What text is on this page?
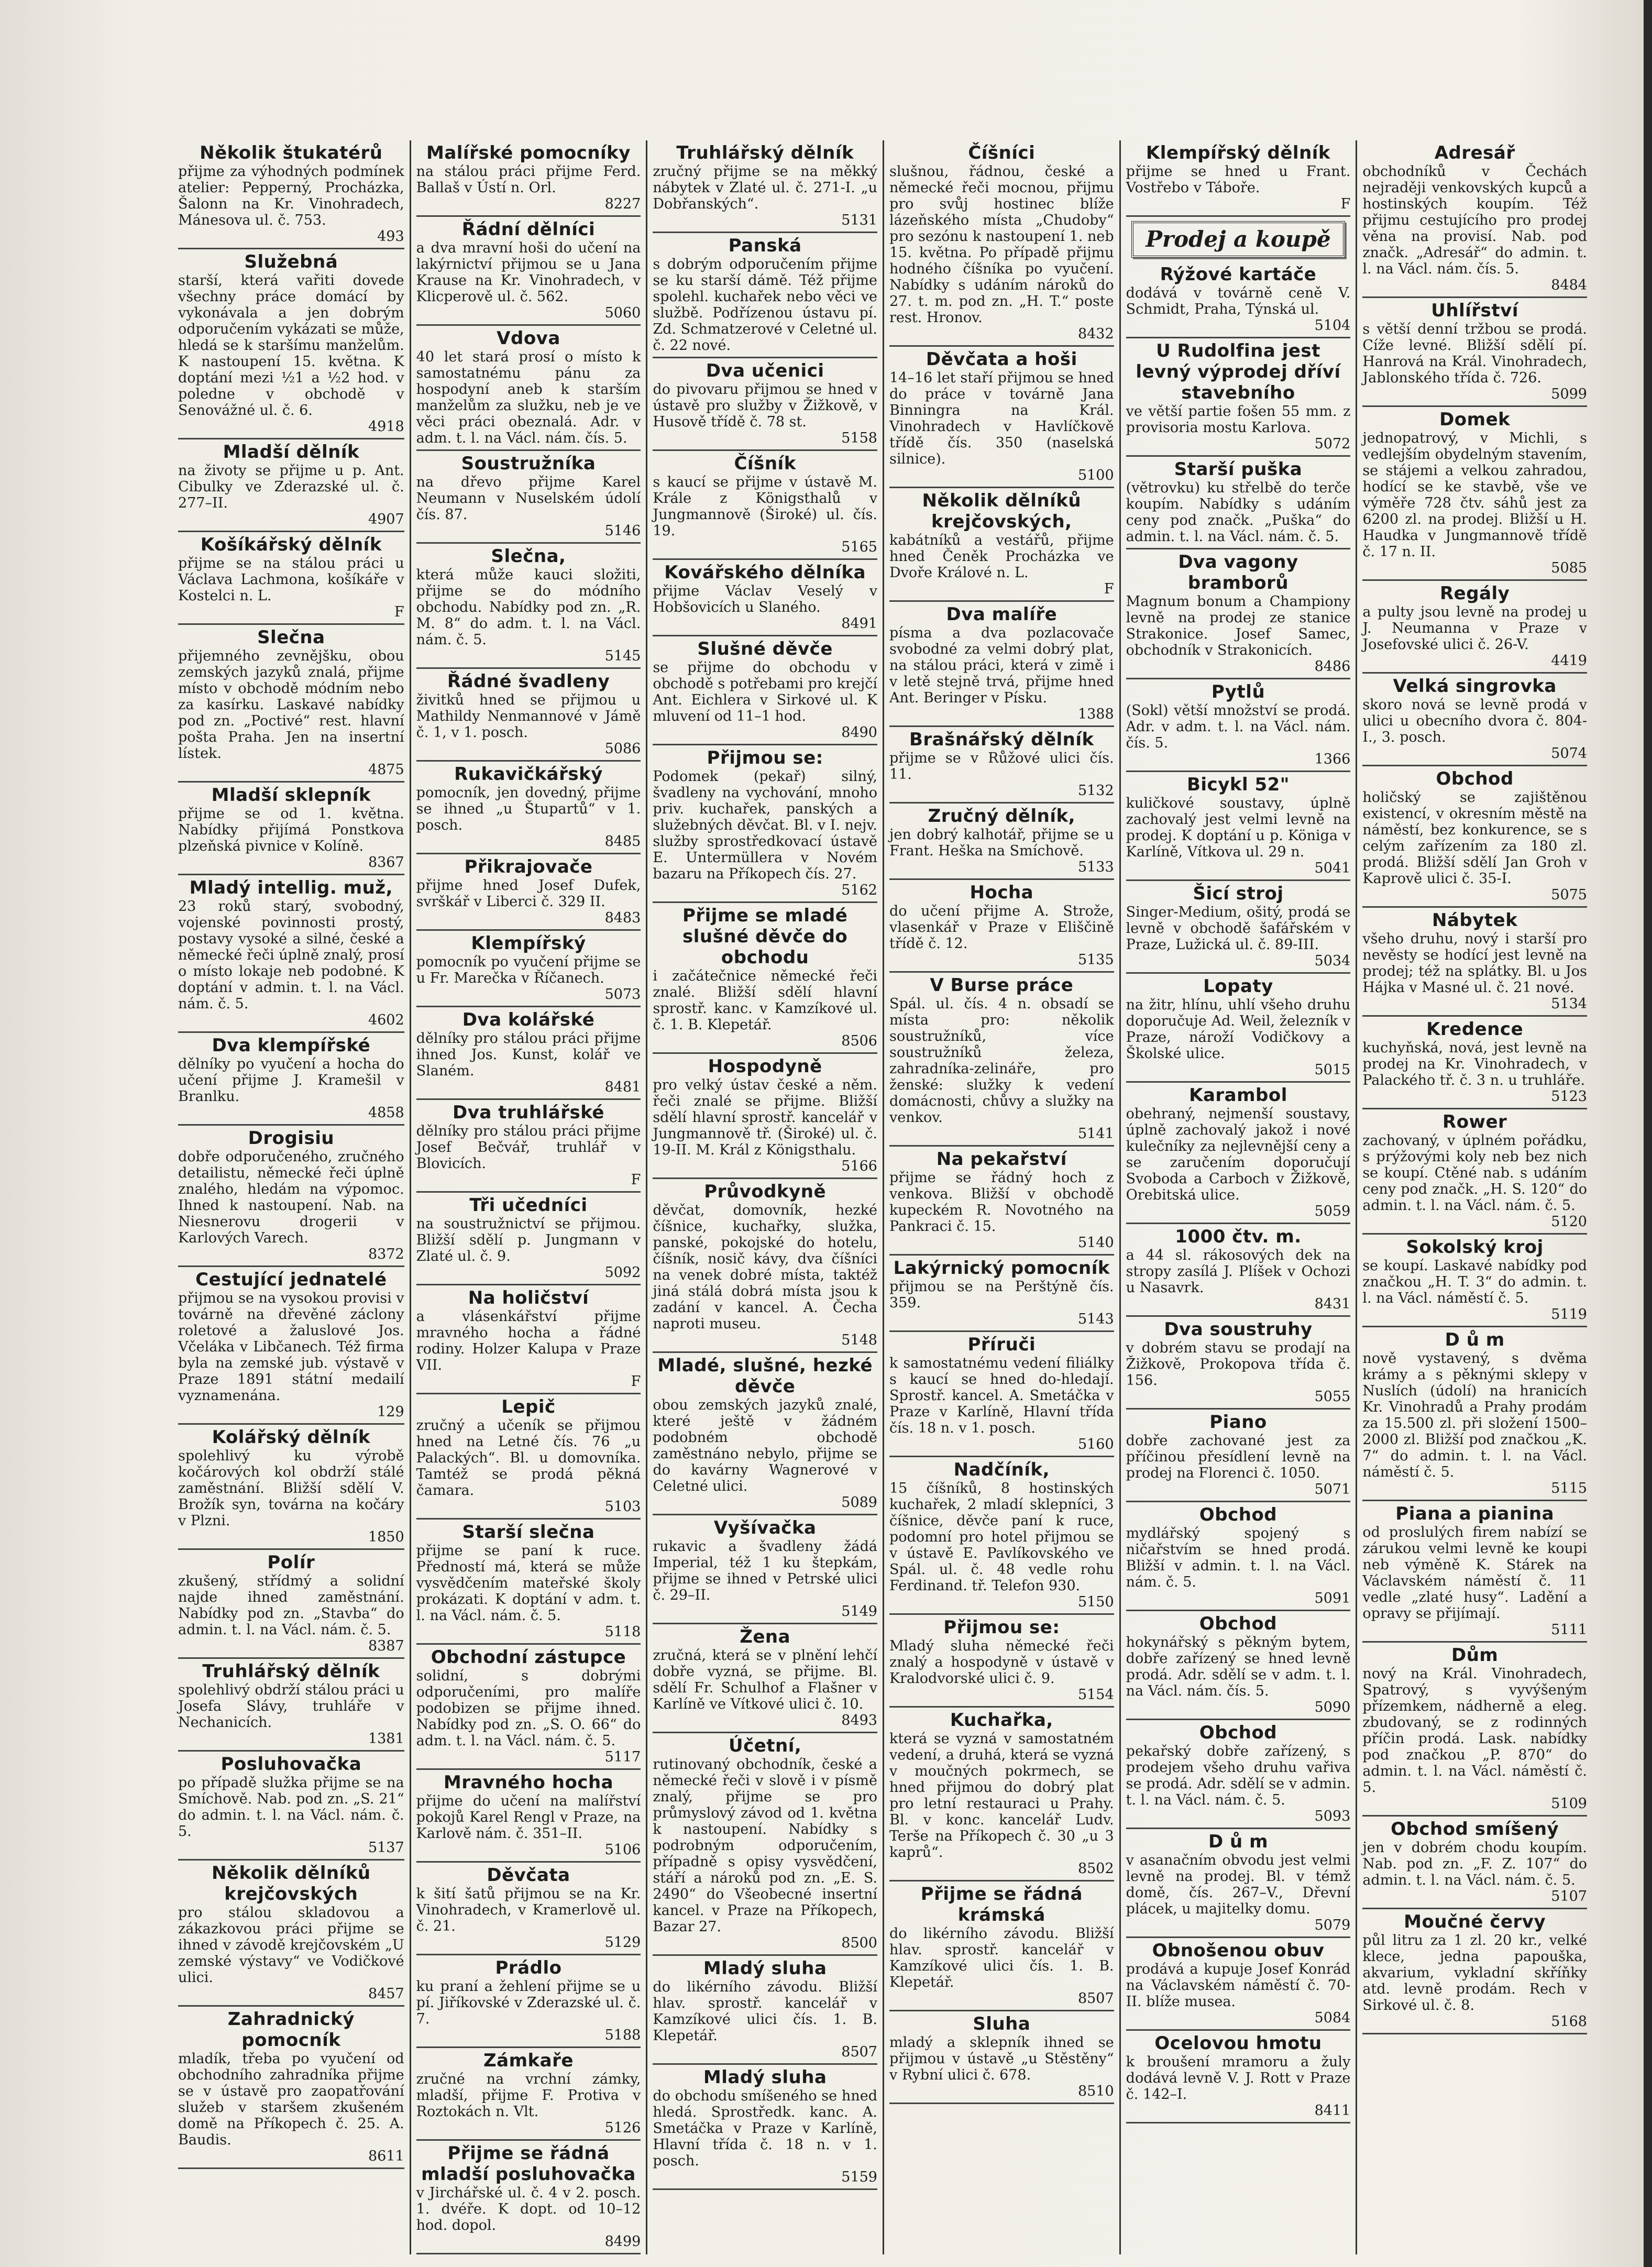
Několik štukatérů
přijme za výhodných podmínek atelier: Pepperný, Procházka, Šalonn na Kr. Vinohradech, Mánesova ul. č. 753.
493
Služebná
starší, která vařiti dovede všechny práce domácí by vykonávala a jen dobrým odporučením vykázati se může, hledá se k staršímu manželům. K nastoupení 15. května. K doptání mezi ½1 a ½2 hod. v poledne v obchodě v Senovážné ul. č. 6.
4918
Mladší dělník
na životy se přijme u p. Ant. Cibulky ve Zderazské ul. č. 277–II.
4907
Košíkářský dělník
přijme se na stálou práci u Václava Lachmona, košíkáře v Kostelci n. L.
F
Slečna
přijemného zevnějšku, obou zemských jazyků znalá, přijme místo v obchodě módním nebo za kasírku. Laskavé nabídky pod zn. „Poctivé“ rest. hlavní pošta Praha. Jen na insertní lístek.
4875
Mladší sklepník
přijme se od 1. května. Nabídky přijímá Ponstkova plzeňská pivnice v Kolíně.
8367
Mladý intellig. muž,
23 roků starý, svobodný, vojenské povinnosti prostý, postavy vysoké a silné, české a německé řeči úplně znalý, prosí o místo lokaje neb podobné. K doptání v admin. t. l. na Václ. nám. č. 5.
4602
Dva klempířské
dělníky po vyučení a hocha do učení přijme J. Kramešil v Branlku.
4858
Drogisiu
dobře odporučeného, zručného detailistu, německé řeči úplně znalého, hledám na výpomoc. Ihned k nastoupení. Nab. na Niesnerovu drogerii v Karlových Varech.
8372
Cestující jednatelé
přijmou se na vysokou provisi v továrně na dřevěné záclony roletové a žaluslové Jos. Včeláka v Libčanech. Též firma byla na zemské jub. výstavě v Praze 1891 státní medailí vyznamenána.
129
Kolářský dělník
spolehlivý ku výrobě kočárových kol obdrží stálé zaměstnání. Bližší sdělí V. Brožík syn, továrna na kočáry v Plzni.
1850
Polír
zkušený, střídmý a solidní najde ihned zaměstnání. Nabídky pod zn. „Stavba“ do admin. t. l. na Václ. nám. č. 5.
8387
Truhlářský dělník
spolehlivý obdrží stálou práci u Josefa Slávy, truhláře v Nechanicích.
1381
Posluhovačka
po případě služka přijme se na Smíchově. Nab. pod zn. „S. 21“ do admin. t. l. na Václ. nám. č. 5.
5137
Několik dělníků krejčovských
pro stálou skladovou a zákazkovou práci přijme se ihned v závodě krejčovském „U zemské výstavy“ ve Vodičkové ulici.
8457
Zahradnický pomocník
mladík, třeba po vyučení od obchodního zahradníka přijme se v ústavě pro zaopatřování služeb v staršem zkušeném domě na Příkopech č. 25. A. Baudis.
8611
Malířské pomocníky
na stálou práci přijme Ferd. Ballaš v Ústí n. Orl.
8227
Řádní dělníci
a dva mravní hoši do učení na lakýrnictví přijmou se u Jana Krause na Kr. Vinohradech, v Klicperově ul. č. 562.
5060
Vdova
40 let stará prosí o místo k samostatnému pánu za hospodyní aneb k starším manželům za služku, neb je ve věci práci obeznalá. Adr. v adm. t. l. na Václ. nám. čís. 5.
Soustružníka
na dřevo přijme Karel Neumann v Nuselském údolí čís. 87.
5146
Slečna,
která může kauci složiti, přijme se do módního obchodu. Nabídky pod zn. „R. M. 8“ do adm. t. l. na Václ. nám. č. 5.
5145
Řádné švadleny
živitků hned se přijmou u Mathildy Nenmannové v Jámě č. 1, v 1. posch.
5086
Rukavičkářský
pomocník, jen dovedný, přijme se ihned „u Štupartů“ v 1. posch.
8485
Přikrajovače
přijme hned Josef Dufek, svrškář v Liberci č. 329 II.
8483
Klempířský
pomocník po vyučení přijme se u Fr. Marečka v Říčanech.
5073
Dva kolářské
dělníky pro stálou práci přijme ihned Jos. Kunst, kolář ve Slaném.
8481
Dva truhlářské
dělníky pro stálou práci přijme Josef Bečvář, truhlář v Blovicích.
F
Tři učedníci
na soustružnictví se přijmou. Bližší sdělí p. Jungmann v Zlaté ul. č. 9.
5092
Na holičství
a vlásenkářství přijme mravného hocha a řádné rodiny. Holzer Kalupa v Praze VII.
F
Lepič
zručný a učeník se přijmou hned na Letné čís. 76 „u Palackých“. Bl. u domovníka. Tamtéž se prodá pěkná čamara.
5103
Starší slečna
přijme se paní k ruce. Předností má, která se může vysvědčením mateřské školy prokázati. K doptání v adm. t. l. na Václ. nám. č. 5.
5118
Obchodní zástupce
solidní, s dobrými odporučeními, pro malíře podobizen se přijme ihned. Nabídky pod zn. „S. O. 66“ do adm. t. l. na Václ. nám. č. 5.
5117
Mravného hocha
přijme do učení na malířství pokojů Karel Rengl v Praze, na Karlově nám. č. 351–II.
5106
Děvčata
k šití šatů přijmou se na Kr. Vinohradech, v Kramerlově ul. č. 21.
5129
Prádlo
ku praní a žehlení přijme se u pí. Jiříkovské v Zderazské ul. č. 7.
5188
Zámkaře
zručné na vrchní zámky, mladší, přijme F. Protiva v Roztokách n. Vlt.
5126
Přijme se řádná mladší posluhovačka
v Jirchářské ul. č. 4 v 2. posch. 1. dvéře. K dopt. od 10–12 hod. dopol.
8499
Truhlářský dělník
zručný přijme se na měkký nábytek v Zlaté ul. č. 271-I. „u Dobřanských“.
5131
Panská
s dobrým odporučením přijme se ku starší dámě. Též přijme spolehl. kuchařek nebo věci ve službě. Podřízenou ústavu pí. Zd. Schmatzerové v Celetné ul. č. 22 nové.
Dva učenici
do pivovaru přijmou se hned v ústavě pro služby v Žižkově, v Husově třídě č. 78 st.
5158
Číšník
s kaucí se přijme v ústavě M. Krále z Königsthalů v Jungmannově (Široké) ul. čís. 19.
5165
Kovářského dělníka
přijme Václav Veselý v Hobšovicích u Slaného.
8491
Slušné děvče
se přijme do obchodu v obchodě s potřebami pro krejčí Ant. Eichlera v Sirkové ul. K mluvení od 11–1 hod.
8490
Přijmou se:
Podomek (pekař) silný, švadleny na vychování, mnoho priv. kuchařek, panských a služebných děvčat. Bl. v I. nejv. služby sprostředkovací ústavě E. Untermüllera v Novém bazaru na Příkopech čís. 27.
5162
Přijme se mladé slušné děvče do obchodu
i začátečnice německé řeči znalé. Bližší sdělí hlavní sprostř. kanc. v Kamzíkové ul. č. 1. B. Klepetář.
8506
Hospodyně
pro velký ústav české a něm. řeči znalé se přijme. Bližší sdělí hlavní sprostř. kancelář v Jungmannově tř. (Široké) ul. č. 19-II. M. Král z Königsthalu.
5166
Průvodkyně
děvčat, domovník, hezké číšnice, kuchařky, služka, panské, pokojské do hotelu, číšník, nosič kávy, dva číšníci na venek dobré místa, taktéž jiná stálá dobrá místa jsou k zadání v kancel. A. Čecha naproti museu.
5148
Mladé, slušné, hezké děvče
obou zemských jazyků znalé, které ještě v žádném podobném obchodě zaměstnáno nebylo, přijme se do kavárny Wagnerové v Celetné ulici.
5089
Vyšívačka
rukavic a švadleny žádá Imperial, též 1 ku štepkám, přijme se ihned v Petrské ulici č. 29–II.
5149
Žena
zručná, která se v plnění lehčí dobře vyzná, se přijme. Bl. sdělí Fr. Schulhof a Flašner v Karlíně ve Vítkové ulici č. 10.
8493
Účetní,
rutinovaný obchodník, české a německé řeči v slově i v písmě znalý, přijme se pro průmyslový závod od 1. května k nastoupení. Nabídky s podrobným odporučením, případně s opisy vysvědčení, stáří a nároků pod zn. „E. S. 2490“ do Všeobecné insertní kancel. v Praze na Příkopech, Bazar 27.
8500
Mladý sluha
do likérního závodu. Bližší hlav. sprostř. kancelář v Kamzíkové ulici čís. 1. B. Klepetář.
8507
Mladý sluha
do obchodu smíšeného se hned hledá. Sprostředk. kanc. A. Smetáčka v Praze v Karlíně, Hlavní třída č. 18 n. v 1. posch.
5159
Číšníci
slušnou, řádnou, české a německé řeči mocnou, přijmu pro svůj hostinec blíže lázeňského místa „Chudoby“ pro sezónu k nastoupení 1. neb 15. května. Po případě přijmu hodného číšníka po vyučení. Nabídky s udáním nároků do 27. t. m. pod zn. „H. T.“ poste rest. Hronov.
8432
Děvčata a hoši
14–16 let staří přijmou se hned do práce v továrně Jana Binningra na Král. Vinohradech v Havlíčkově třídě čís. 350 (naselská silnice).
5100
Několik dělníků krejčovských,
kabátníků a vestářů, přijme hned Čeněk Procházka ve Dvoře Králové n. L.
F
Dva malíře
písma a dva pozlacovače svobodné za velmi dobrý plat, na stálou práci, která v zimě i v letě stejně trvá, přijme hned Ant. Beringer v Písku.
1388
Brašnářský dělník
přijme se v Růžové ulici čís. 11.
5132
Zručný dělník,
jen dobrý kalhotář, přijme se u Frant. Heška na Smíchově.
5133
Hocha
do učení přijme A. Strože, vlasenkář v Praze v Eliščině třídě č. 12.
5135
V Burse práce
Spál. ul. čís. 4 n. obsadí se místa pro: několik soustružníků, více soustružníků železa, zahradníka-zelináře, pro ženské: služky k vedení domácnosti, chůvy a služky na venkov.
5141
Na pekařství
přijme se řádný hoch z venkova. Bližší v obchodě kupeckém R. Novotného na Pankraci č. 15.
5140
Lakýrnický pomocník
přijmou se na Perštýně čís. 359.
5143
Příruči
k samostatnému vedení filiálky s kaucí se hned do-hledají. Sprostř. kancel. A. Smetáčka v Praze v Karlíně, Hlavní třída čís. 18 n. v 1. posch.
5160
Nadčíník,
15 číšníků, 8 hostinských kuchařek, 2 mladí sklepníci, 3 číšnice, děvče paní k ruce, podomní pro hotel přijmou se v ústavě E. Pavlíkovského ve Spál. ul. č. 48 vedle rohu Ferdinand. tř. Telefon 930.
5150
Přijmou se:
Mladý sluha německé řeči znalý a hospodyně v ústavě v Kralodvorské ulici č. 9.
5154
Kuchařka,
která se vyzná v samostatném vedení, a druhá, která se vyzná v moučných pokrmech, se hned přijmou do dobrý plat pro letní restauraci u Prahy. Bl. v konc. kancelář Ludv. Terše na Příkopech č. 30 „u 3 kaprů“.
8502
Přijme se řádná krámská
do likérního závodu. Bližší hlav. sprostř. kancelář v Kamzíkové ulici čís. 1. B. Klepetář.
8507
Sluha
mladý a sklepník ihned se přijmou v ústavě „u Stěstěny“ v Rybní ulici č. 678.
8510
Klempířský dělník
přijme se hned u Frant. Vostřebo v Táboře.
F
Prodej a koupě
Rýžové kartáče
dodává v továrně ceně V. Schmidt, Praha, Týnská ul.
5104
U Rudolfina jest levný výprodej dříví stavebního
ve větší partie fošen 55 mm. z provisoria mostu Karlova.
5072
Starší puška
(větrovku) ku střelbě do terče koupím. Nabídky s udáním ceny pod značk. „Puška“ do admin. t. l. na Václ. nám. č. 5.
Dva vagony bramborů
Magnum bonum a Championy levně na prodej ze stanice Strakonice. Josef Samec, obchodník v Strakonicích.
8486
Pytlů
(Sokl) větší množství se prodá. Adr. v adm. t. l. na Václ. nám. čís. 5.
1366
Bicykl 52"
kuličkové soustavy, úplně zachovalý jest velmi levně na prodej. K doptání u p. Königa v Karlíně, Vítkova ul. 29 n.
5041
Šicí stroj
Singer-Medium, ošitý, prodá se levně v obchodě šafářském v Praze, Lužická ul. č. 89-III.
5034
Lopaty
na žitr, hlínu, uhlí všeho druhu doporučuje Ad. Weil, železník v Praze, nároží Vodičkovy a Školské ulice.
5015
Karambol
obehraný, nejmenší soustavy, úplně zachovalý jakož i nové kulečníky za nejlevnější ceny a se zaručením doporučují Svoboda a Carboch v Žižkově, Orebitská ulice.
5059
1000 čtv. m.
a 44 sl. rákosových dek na stropy zasílá J. Plíšek v Ochozi u Nasavrk.
8431
Dva soustruhy
v dobrém stavu se prodají na Žižkově, Prokopova třída č. 156.
5055
Piano
dobře zachované jest za příčinou přesídlení levně na prodej na Florenci č. 1050.
5071
Obchod
mydlářský spojený s ničařstvím se hned prodá. Bližší v admin. t. l. na Václ. nám. č. 5.
5091
Obchod
hokynářský s pěkným bytem, dobře zařízený se hned levně prodá. Adr. sdělí se v adm. t. l. na Václ. nám. čís. 5.
5090
Obchod
pekařský dobře zařízený, s prodejem všeho druhu vařiva se prodá. Adr. sdělí se v admin. t. l. na Václ. nám. č. 5.
5093
D ů m
v asanačním obvodu jest velmi levně na prodej. Bl. v témž domě, čís. 267–V., Dřevní plácek, u majitelky domu.
5079
Obnošenou obuv
prodává a kupuje Josef Konrád na Václavském náměstí č. 70-II. blíže musea.
5084
Ocelovou hmotu
k broušení mramoru a žuly dodává levně V. J. Rott v Praze č. 142–I.
8411
Adresář
obchodníků v Čechách nejraději venkovských kupců a hostinských koupím. Též přijmu cestujícího pro prodej věna na provisí. Nab. pod značk. „Adresář“ do admin. t. l. na Václ. nám. čís. 5.
8484
Uhlířství
s větší denní tržbou se prodá. Cíže levné. Bližší sdělí pí. Hanrová na Král. Vinohradech, Jablonského třída č. 726.
5099
Domek
jednopatrový, v Michli, s vedlejším obydelným stavením, se stájemi a velkou zahradou, hodící se ke stavbě, vše ve výměře 728 čtv. sáhů jest za 6200 zl. na prodej. Bližší u H. Haudka v Jungmannově třídě č. 17 n. II.
5085
Regály
a pulty jsou levně na prodej u J. Neumanna v Praze v Josefovské ulici č. 26-V.
4419
Velká singrovka
skoro nová se levně prodá v ulici u obecního dvora č. 804-I., 3. posch.
5074
Obchod
holičský se zajištěnou existencí, v okresním městě na náměstí, bez konkurence, se s celým zařízením za 180 zl. prodá. Bližší sdělí Jan Groh v Kaprově ulici č. 35-I.
5075
Nábytek
všeho druhu, nový i starší pro nevěsty se hodící jest levně na prodej; též na splátky. Bl. u Jos Hájka v Masné ul. č. 21 nové.
5134
Kredence
kuchyňská, nová, jest levně na prodej na Kr. Vinohradech, v Palackého tř. č. 3 n. u truhláře.
5123
Rower
zachovaný, v úplném pořádku, s prýžovými koly neb bez nich se koupí. Ctěné nab. s udáním ceny pod značk. „H. S. 120“ do admin. t. l. na Václ. nám. č. 5.
5120
Sokolský kroj
se koupí. Laskavé nabídky pod značkou „H. T. 3“ do admin. t. l. na Václ. náměstí č. 5.
5119
D ů m
nově vystavený, s dvěma krámy a s pěknými sklepy v Nuslích (údolí) na hranicích Kr. Vinohradů a Prahy prodám za 15.500 zl. při složení 1500–2000 zl. Bližší pod značkou „K. 7“ do admin. t. l. na Václ. náměstí č. 5.
5115
Piana a pianina
od proslulých firem nabízí se zárukou velmi levně ke koupi neb výměně K. Stárek na Václavském náměstí č. 11 vedle „zlaté husy“. Ladění a opravy se přijímají.
5111
Dům
nový na Král. Vinohradech, Spatrový, s vyvýšeným přízemkem, nádherně a eleg. zbudovaný, se z rodinných příčin prodá. Lask. nabídky pod značkou „P. 870“ do admin. t. l. na Václ. náměstí č. 5.
5109
Obchod smíšený
jen v dobrém chodu koupím. Nab. pod zn. „F. Z. 107“ do admin. t. l. na Václ. nám. č. 5.
5107
Moučné červy
půl litru za 1 zl. 20 kr., velké klece, jedna papouška, akvarium, vykladní skříňky atd. levně prodám. Rech v Sirkové ul. č. 8.
5168
